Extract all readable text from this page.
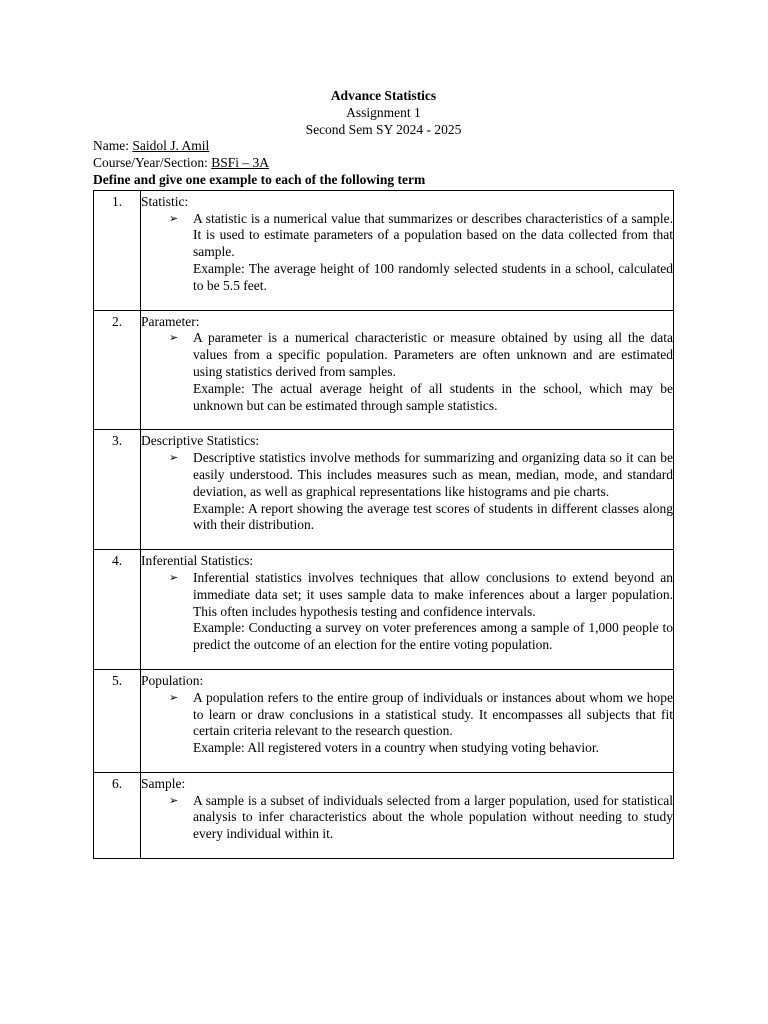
Advance Statistics
Assignment 1
Second Sem SY 2024 - 2025

Name: Saidol J. Amil

Course/Year/Section: BSFi – 3A

Define and give one example to each of the following term

1.	Statistic:

➢ A statistic is a numerical value that summarizes or describes characteristics of a sample. It is used to estimate parameters of a population based on the data collected from that sample.

Example: The average height of 100 randomly selected students in a school, calculated to be 5.5 feet.

2.	Parameter:

➢ A parameter is a numerical characteristic or measure obtained by using all the data values from a specific population. Parameters are often unknown and are estimated using statistics derived from samples.

Example: The actual average height of all students in the school, which may be unknown but can be estimated through sample statistics.

3.	Descriptive Statistics:

➢ Descriptive statistics involve methods for summarizing and organizing data so it can be easily understood. This includes measures such as mean, median, mode, and standard deviation, as well as graphical representations like histograms and pie charts.

Example: A report showing the average test scores of students in different classes along with their distribution.

4.	Inferential Statistics:

➢ Inferential statistics involves techniques that allow conclusions to extend beyond an immediate data set; it uses sample data to make inferences about a larger population. This often includes hypothesis testing and confidence intervals.

Example: Conducting a survey on voter preferences among a sample of 1,000 people to predict the outcome of an election for the entire voting population.

5.	Population:

➢ A population refers to the entire group of individuals or instances about whom we hope to learn or draw conclusions in a statistical study. It encompasses all subjects that fit certain criteria relevant to the research question.

Example: All registered voters in a country when studying voting behavior.

6.	Sample:

➢ A sample is a subset of individuals selected from a larger population, used for statistical analysis to infer characteristics about the whole population without needing to study every individual within it.
